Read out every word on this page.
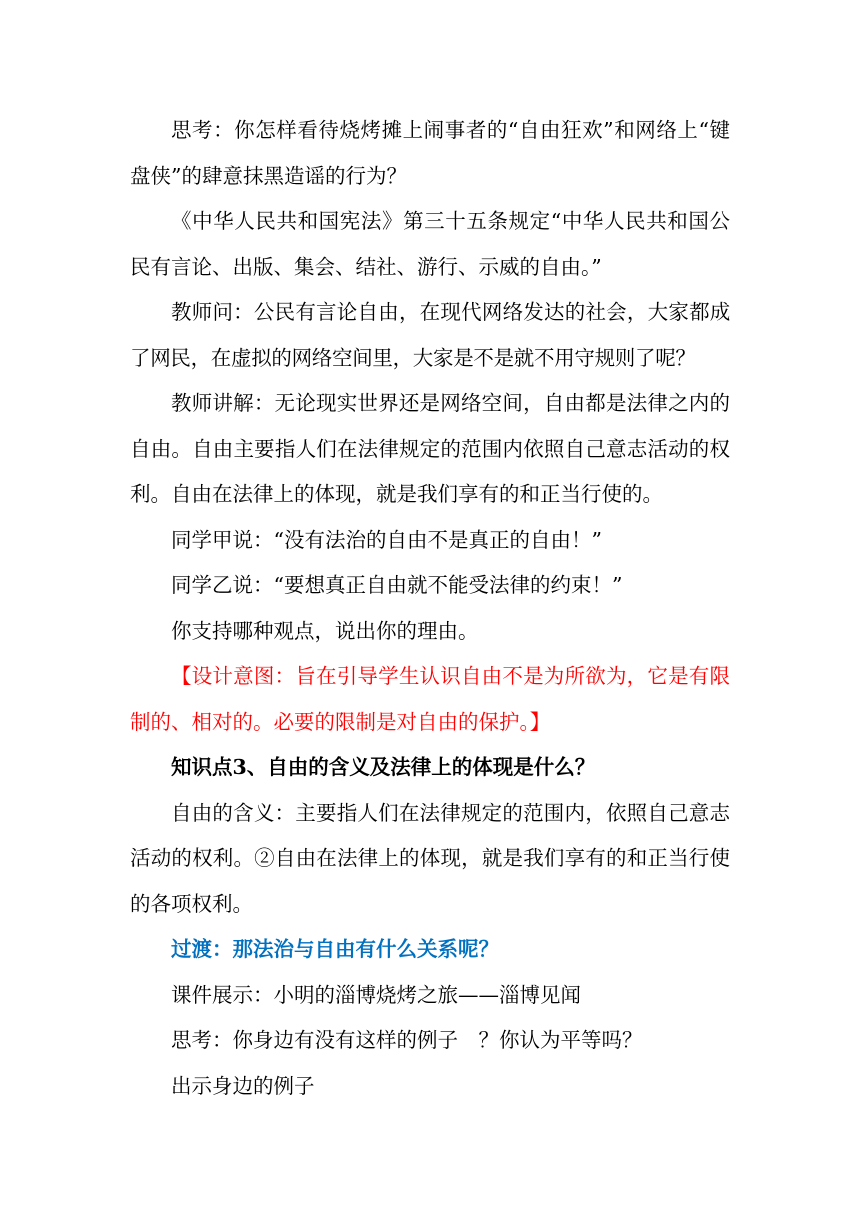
思考：你怎样看待烧烤摊上闹事者的“自由狂欢”和网络上“键盘侠”的肆意抹黑造谣的行为？

《中华人民共和国宪法》第三十五条规定“中华人民共和国公民有言论、出版、集会、结社、游行、示威的自由。”

教师问：公民有言论自由，在现代网络发达的社会，大家都成了网民，在虚拟的网络空间里，大家是不是就不用守规则了呢？

教师讲解：无论现实世界还是网络空间，自由都是法律之内的自由。自由主要指人们在法律规定的范围内依照自己意志活动的权利。自由在法律上的体现，就是我们享有的和正当行使的。

同学甲说：“没有法治的自由不是真正的自由！”

同学乙说：“要想真正自由就不能受法律的约束！”

你支持哪种观点，说出你的理由。

【设计意图：旨在引导学生认识自由不是为所欲为，它是有限制的、相对的。必要的限制是对自由的保护。】

知识点3、自由的含义及法律上的体现是什么？

自由的含义：主要指人们在法律规定的范围内，依照自己意志活动的权利。②自由在法律上的体现，就是我们享有的和正当行使的各项权利。

过渡：那法治与自由有什么关系呢？

课件展示：小明的淄博烧烤之旅——淄博见闻

思考：你身边有没有这样的例子　？你认为平等吗？

出示身边的例子
